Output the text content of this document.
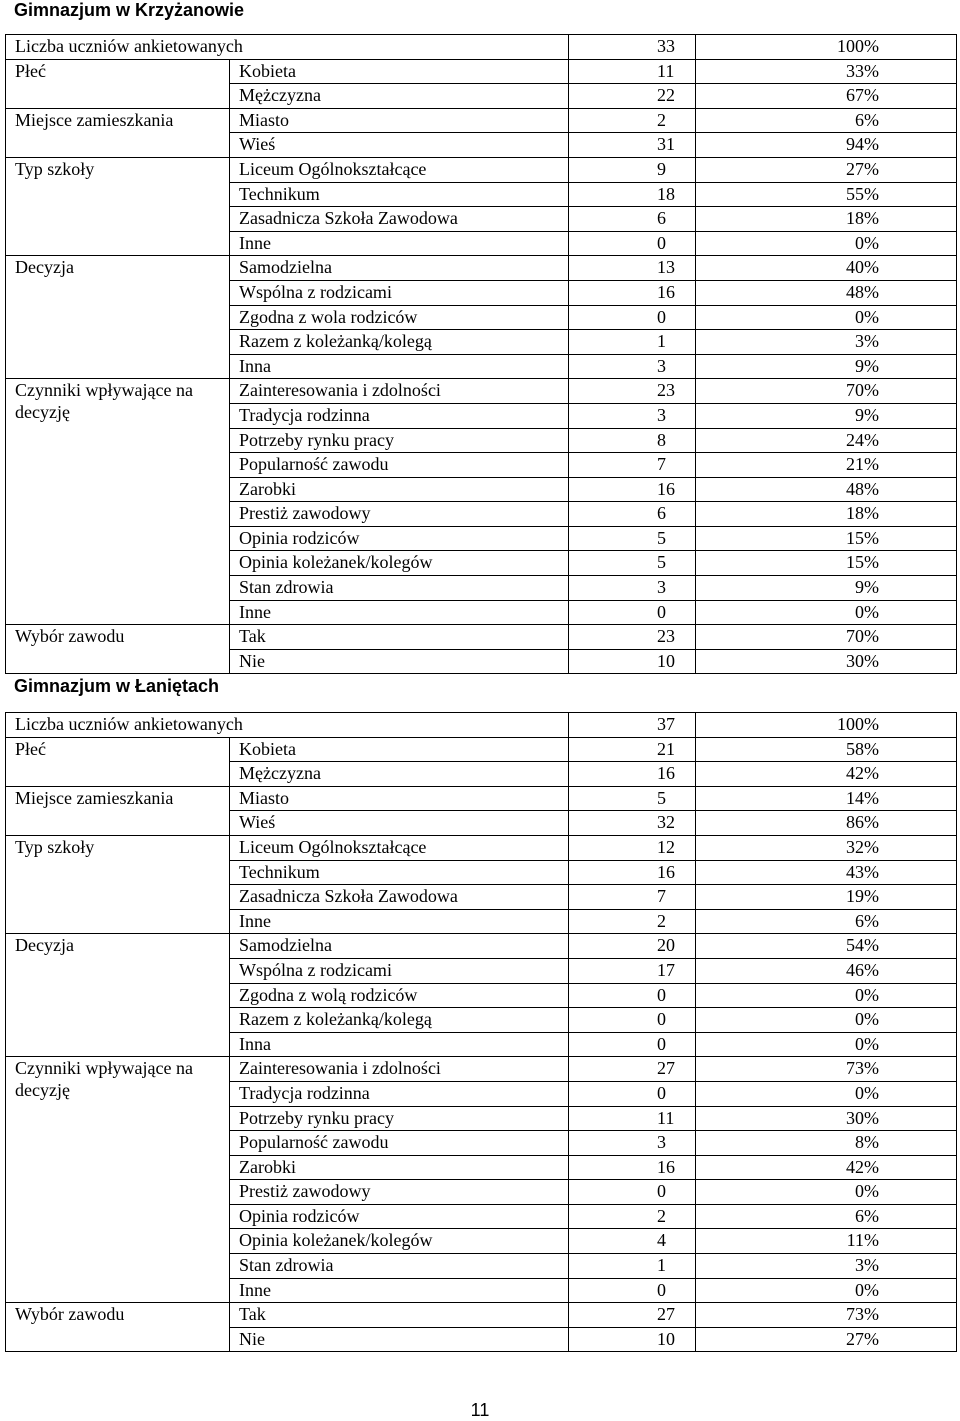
Gimnazjum w Krzyżanowie
Liczba uczniów ankietowanych		33	100%
Płeć	Kobieta	11	33%
	Mężczyzna	22	67%
Miejsce zamieszkania	Miasto	2	6%
	Wieś	31	94%
Typ szkoły	Liceum Ogólnokształcące	9	27%
	Technikum	18	55%
	Zasadnicza Szkoła Zawodowa	6	18%
	Inne	0	0%
Decyzja	Samodzielna	13	40%
	Wspólna z rodzicami	16	48%
	Zgodna z wola rodziców	0	0%
	Razem z koleżanką/kolegą	1	3%
	Inna	3	9%
Czynniki wpływające na decyzję	Zainteresowania i zdolności	23	70%
	Tradycja rodzinna	3	9%
	Potrzeby rynku pracy	8	24%
	Popularność zawodu	7	21%
	Zarobki	16	48%
	Prestiż zawodowy	6	18%
	Opinia rodziców	5	15%
	Opinia koleżanek/kolegów	5	15%
	Stan zdrowia	3	9%
	Inne	0	0%
Wybór zawodu	Tak	23	70%
	Nie	10	30%
Gimnazjum w Łaniętach
Liczba uczniów ankietowanych		37	100%
Płeć	Kobieta	21	58%
	Mężczyzna	16	42%
Miejsce zamieszkania	Miasto	5	14%
	Wieś	32	86%
Typ szkoły	Liceum Ogólnokształcące	12	32%
	Technikum	16	43%
	Zasadnicza Szkoła Zawodowa	7	19%
	Inne	2	6%
Decyzja	Samodzielna	20	54%
	Wspólna z rodzicami	17	46%
	Zgodna z wolą rodziców	0	0%
	Razem z koleżanką/kolegą	0	0%
	Inna	0	0%
Czynniki wpływające na decyzję	Zainteresowania i zdolności	27	73%
	Tradycja rodzinna	0	0%
	Potrzeby rynku pracy	11	30%
	Popularność zawodu	3	8%
	Zarobki	16	42%
	Prestiż zawodowy	0	0%
	Opinia rodziców	2	6%
	Opinia koleżanek/kolegów	4	11%
	Stan zdrowia	1	3%
	Inne	0	0%
Wybór zawodu	Tak	27	73%
	Nie	10	27%
11
